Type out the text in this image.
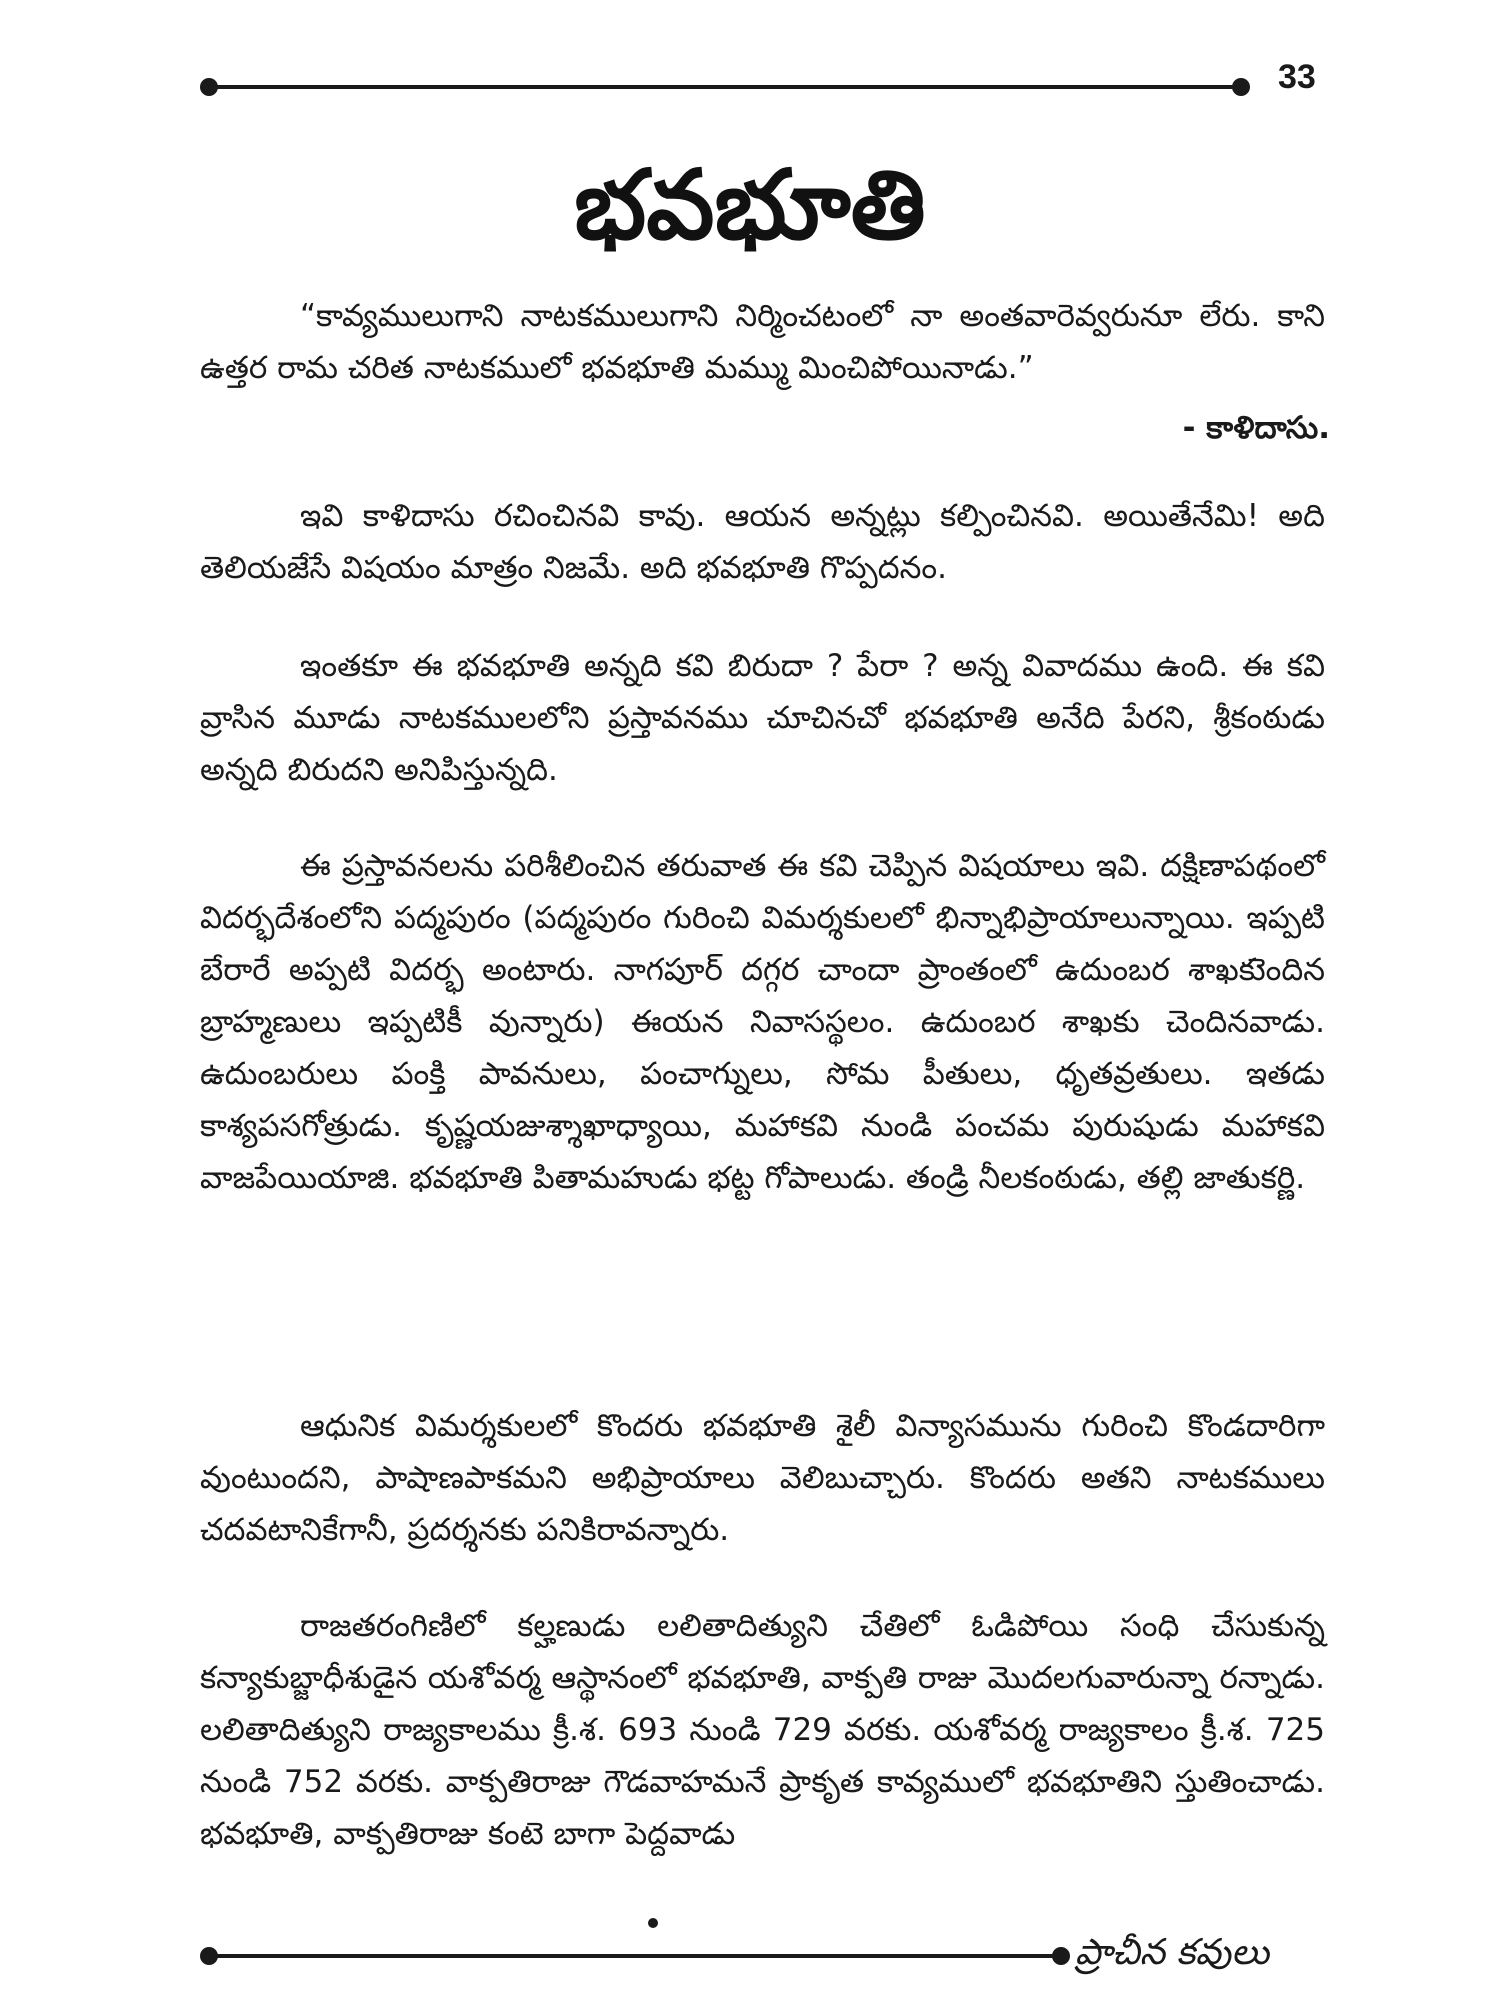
33
భవభూతి

“కావ్యములుగాని నాటకములుగాని నిర్మించటంలో నా అంతవారెవ్వరునూ లేరు. కాని ఉత్తర రామ చరిత నాటకములో భవభూతి మమ్ము మించిపోయినాడు.”

- కాళిదాసు.

ఇవి కాళిదాసు రచించినవి కావు. ఆయన అన్నట్లు కల్పించినవి. అయితేనేమి! అది తెలియజేసే విషయం మాత్రం నిజమే. అది భవభూతి గొప్పదనం.

ఇంతకూ ఈ భవభూతి అన్నది కవి బిరుదా ? పేరా ? అన్న వివాదము ఉంది. ఈ కవి వ్రాసిన మూడు నాటకములలోని ప్రస్తావనము చూచినచో భవభూతి అనేది పేరని, శ్రీకంఠుడు అన్నది బిరుదని అనిపిస్తున్నది.

ఈ ప్రస్తావనలను పరిశీలించిన తరువాత ఈ కవి చెప్పిన విషయాలు ఇవి. దక్షిణాపథంలో విదర్భదేశంలోని పద్మపురం (పద్మపురం గురించి విమర్శకులలో భిన్నాభిప్రాయాలున్నాయి. ఇప్పటి బేరారే అప్పటి విదర్భ అంటారు. నాగపూర్ దగ్గర చాందా ప్రాంతంలో ఉదుంబర శాఖకుెందిన బ్రాహ్మణులు ఇప్పటికీ వున్నారు) ఈయన నివాసస్థలం. ఉదుంబర శాఖకు చెందినవాడు. ఉదుంబరులు పంక్తి పావనులు, పంచాగ్నులు, సోమ పీతులు, ధృతవ్రతులు. ఇతడు కాశ్యపసగోత్రుడు. కృష్ణయజుశ్శాఖాధ్యాయి, మహాకవి నుండి పంచమ పురుషుడు మహాకవి వాజపేయియాజి. భవభూతి పితామహుడు భట్ట గోపాలుడు. తండ్రి నీలకంఠుడు, తల్లి జాతుకర్ణి.

ఆధునిక విమర్శకులలో కొందరు భవభూతి శైలీ విన్యాసమును గురించి కొండదారిగా వుంటుందని, పాషాణపాకమని అభిప్రాయాలు వెలిబుచ్చారు. కొందరు అతని నాటకములు చదవటానికేగానీ, ప్రదర్శనకు పనికిరావన్నారు.

రాజతరంగిణిలో కల్హణుడు లలితాదిత్యుని చేతిలో ఓడిపోయి సంధి చేసుకున్న కన్యాకుబ్జాధీశుడైన యశోవర్మ ఆస్థానంలో భవభూతి, వాక్పతి రాజు మొదలగువారున్నా రన్నాడు. లలితాదిత్యుని రాజ్యకాలము క్రీ.శ. 693 నుండి 729 వరకు. యశోవర్మ రాజ్యకాలం క్రీ.శ. 725 నుండి 752 వరకు. వాక్పతిరాజు గౌడవాహమనే ప్రాకృత కావ్యములో భవభూతిని స్తుతించాడు. భవభూతి, వాక్పతిరాజు కంటె బాగా పెద్దవాడు

ప్రాచీన కవులు
